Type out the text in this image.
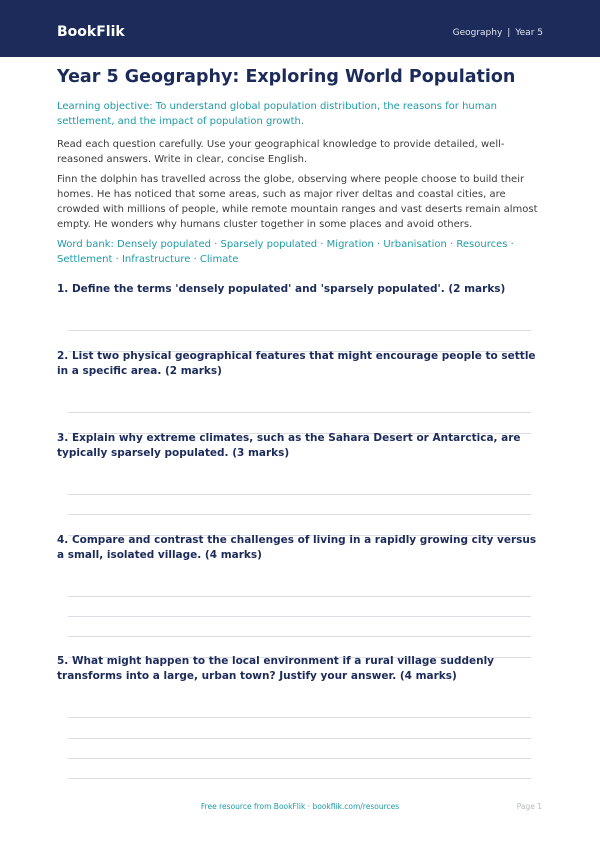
BookFlik	Geography | Year 5
Year 5 Geography: Exploring World Population

Learning objective: To understand global population distribution, the reasons for human settlement, and the impact of population growth.

Read each question carefully. Use your geographical knowledge to provide detailed, well-reasoned answers. Write in clear, concise English.

Finn the dolphin has travelled across the globe, observing where people choose to build their homes. He has noticed that some areas, such as major river deltas and coastal cities, are crowded with millions of people, while remote mountain ranges and vast deserts remain almost empty. He wonders why humans cluster together in some places and avoid others.

Word bank: Densely populated · Sparsely populated · Migration · Urbanisation · Resources · Settlement · Infrastructure · Climate

1. Define the terms 'densely populated' and 'sparsely populated'. (2 marks)

2. List two physical geographical features that might encourage people to settle in a specific area. (2 marks)

3. Explain why extreme climates, such as the Sahara Desert or Antarctica, are typically sparsely populated. (3 marks)

4. Compare and contrast the challenges of living in a rapidly growing city versus a small, isolated village. (4 marks)

5. What might happen to the local environment if a rural village suddenly transforms into a large, urban town? Justify your answer. (4 marks)

Free resource from BookFlik · bookflik.com/resources	Page 1
